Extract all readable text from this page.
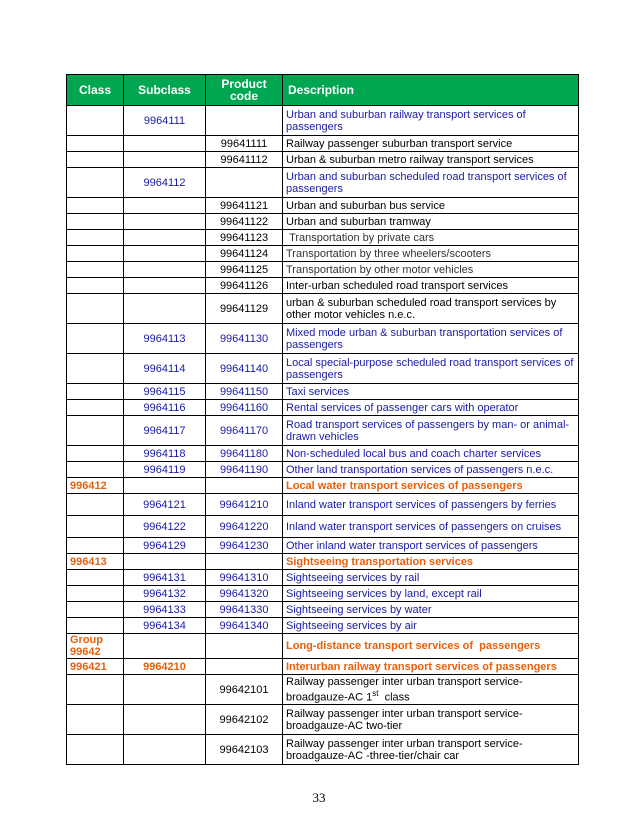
Class	Subclass	Product code	Description
	9964111		Urban and suburban railway transport services of passengers
		99641111	Railway passenger suburban transport service
		99641112	Urban & suburban metro railway transport services
	9964112		Urban and suburban scheduled road transport services of passengers
		99641121	Urban and suburban bus service
		99641122	Urban and suburban tramway
		99641123	Transportation by private cars
		99641124	Transportation by three wheelers/scooters
		99641125	Transportation by other motor vehicles
		99641126	Inter-urban scheduled road transport services
		99641129	urban & suburban scheduled road transport services by other motor vehicles n.e.c.
	9964113	99641130	Mixed mode urban & suburban transportation services of passengers
	9964114	99641140	Local special-purpose scheduled road transport services of passengers
	9964115	99641150	Taxi services
	9964116	99641160	Rental services of passenger cars with operator
	9964117	99641170	Road transport services of passengers by man- or animal-drawn vehicles
	9964118	99641180	Non-scheduled local bus and coach charter services
	9964119	99641190	Other land transportation services of passengers n.e.c.
996412			Local water transport services of passengers
	9964121	99641210	Inland water transport services of passengers by ferries
	9964122	99641220	Inland water transport services of passengers on cruises
	9964129	99641230	Other inland water transport services of passengers
996413			Sightseeing transportation services
	9964131	99641310	Sightseeing services by rail
	9964132	99641320	Sightseeing services by land, except rail
	9964133	99641330	Sightseeing services by water
	9964134	99641340	Sightseeing services by air
Group 99642			Long-distance transport services of  passengers
996421	9964210		Interurban railway transport services of passengers
		99642101	Railway passenger inter urban transport service-broadgauze-AC 1st  class
		99642102	Railway passenger inter urban transport service-broadgauze-AC two-tier
		99642103	Railway passenger inter urban transport service-broadgauze-AC -three-tier/chair car
33
